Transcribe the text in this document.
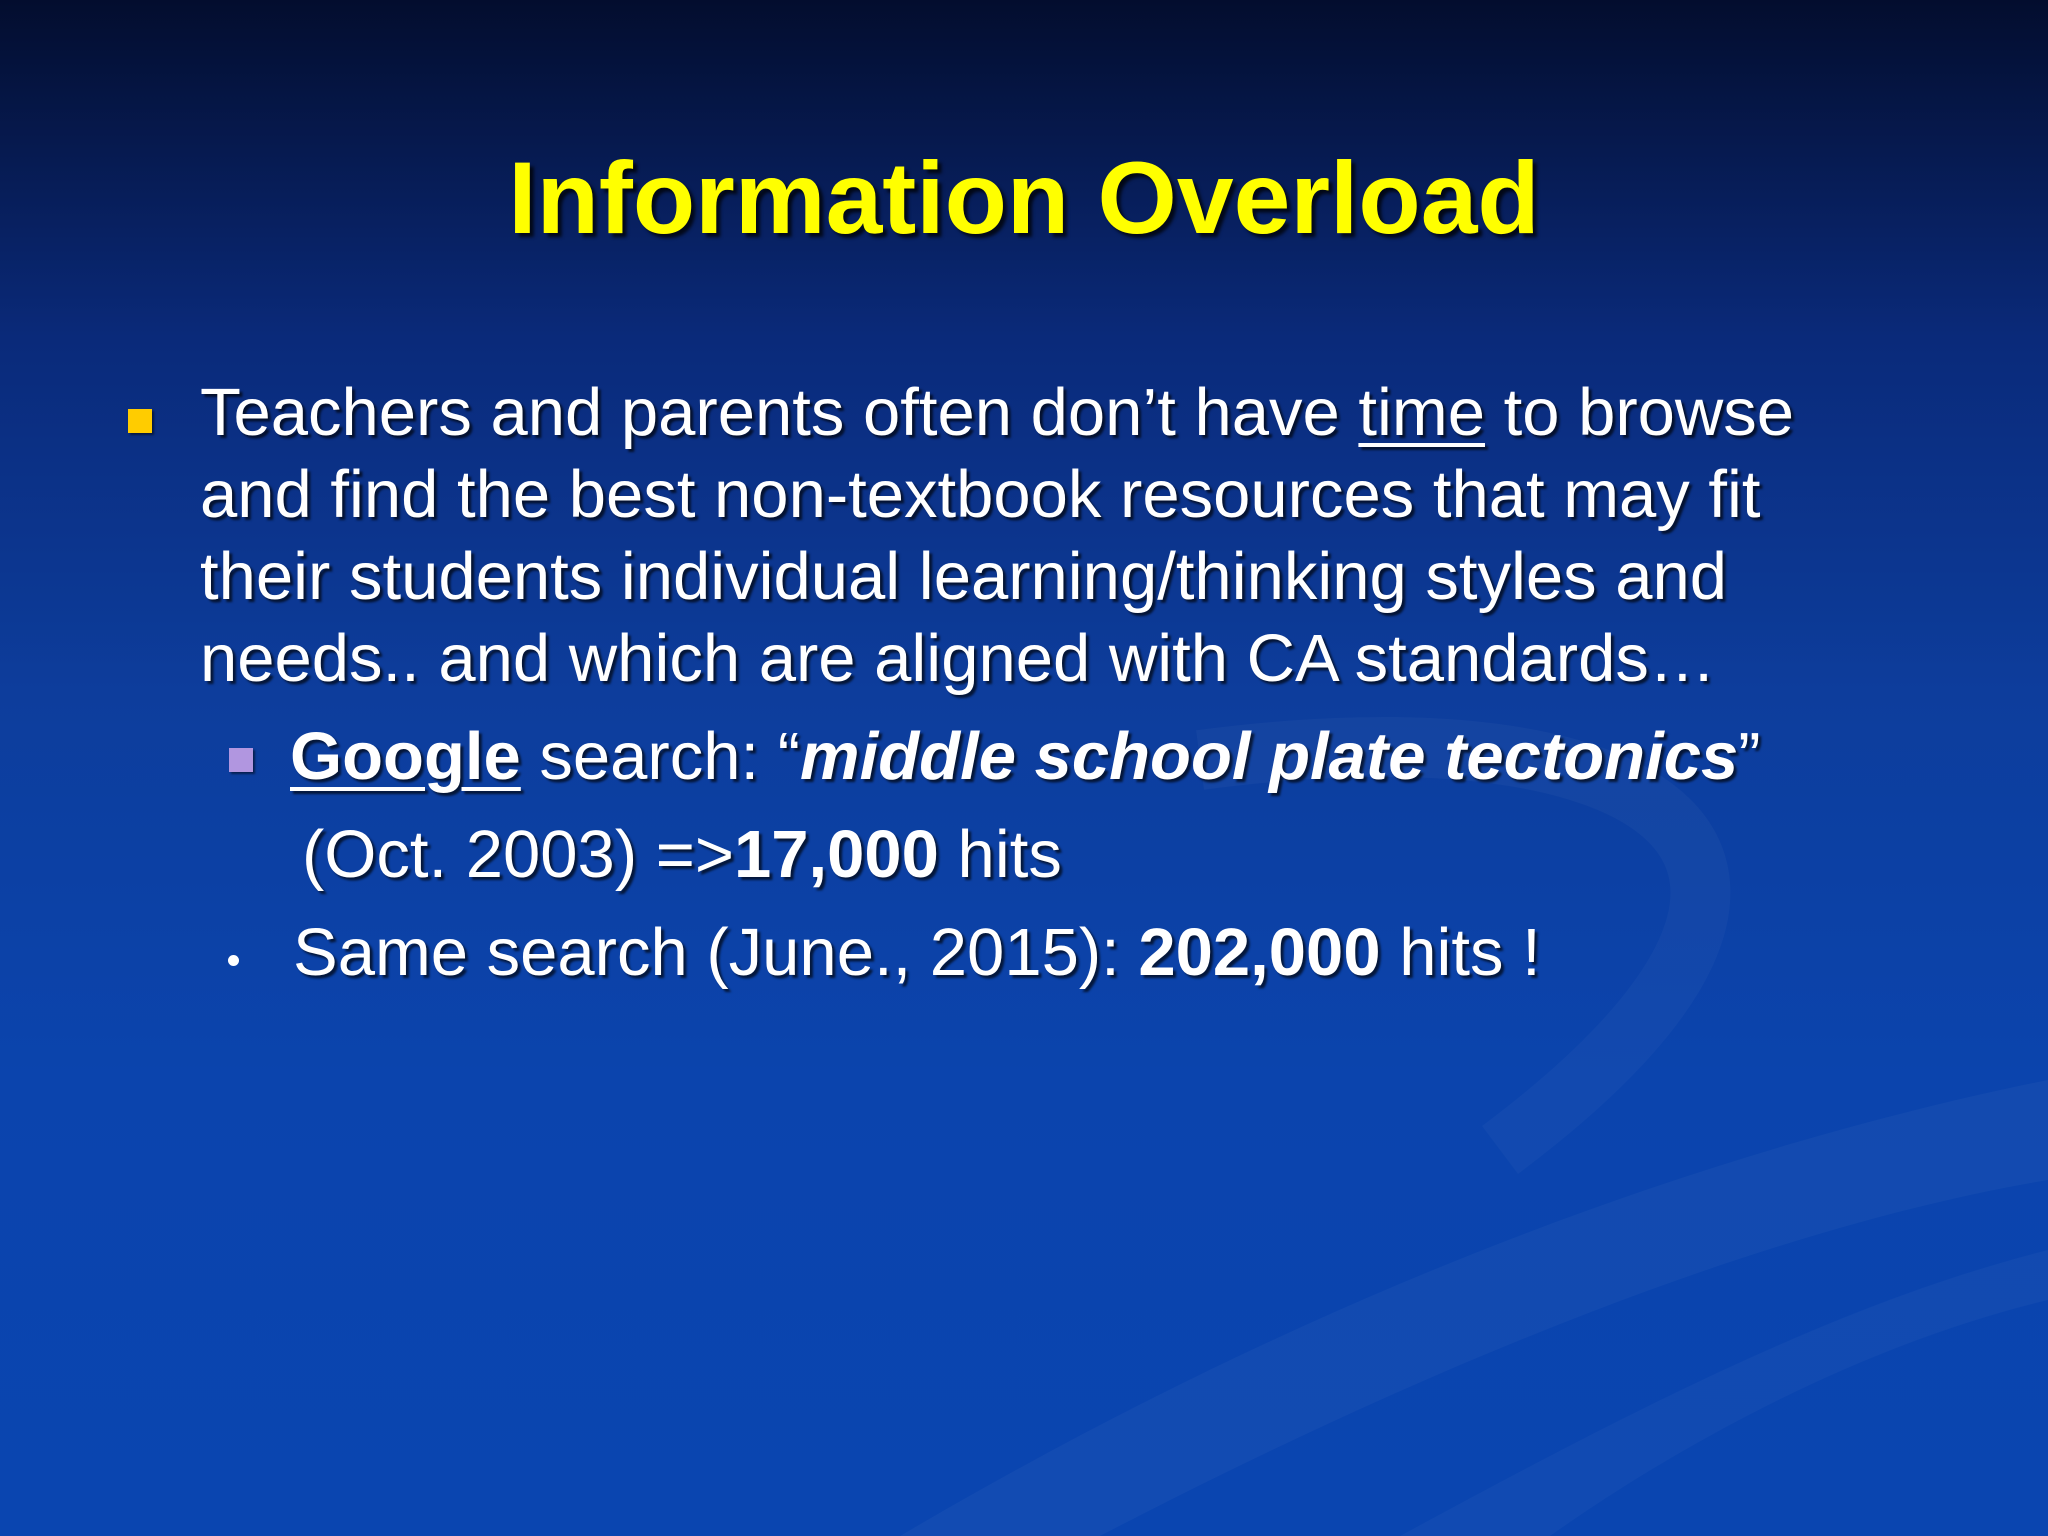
Information Overload
Teachers and parents often don’t have time to browse and find the best non-textbook resources that may fit their students individual learning/thinking styles and needs.. and which are aligned with CA standards…
Google search: “middle school plate tectonics”
(Oct. 2003) =>17,000 hits
Same search (June., 2015): 202,000 hits !
